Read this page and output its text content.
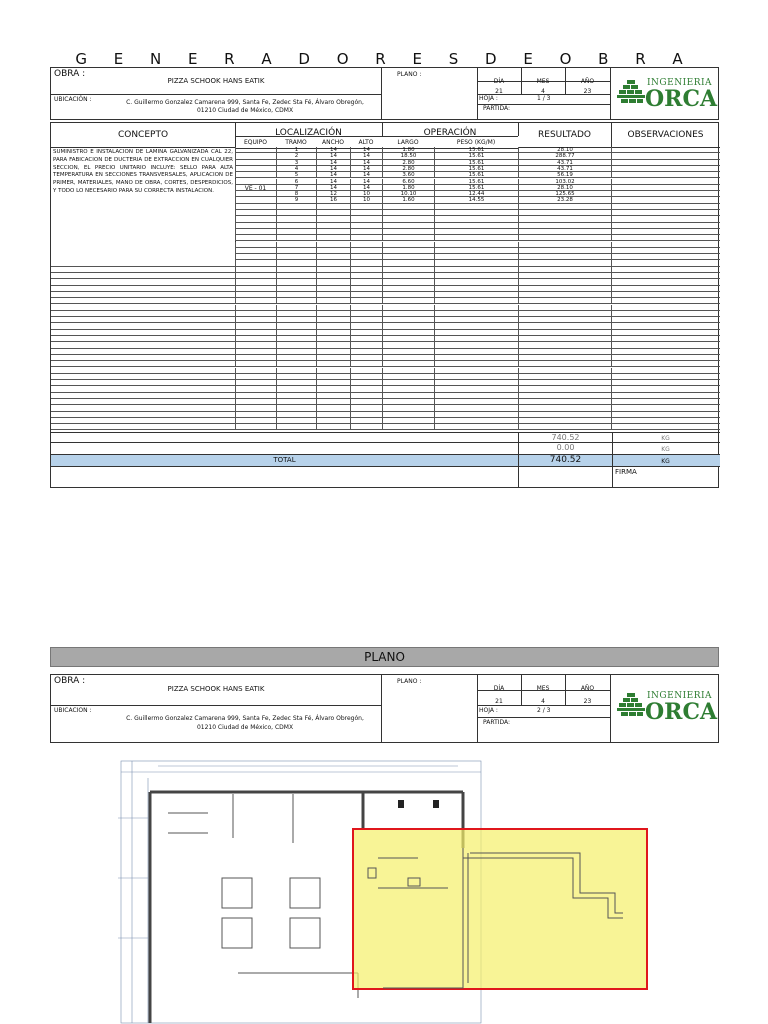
G E N E R A D O R E S D E O B R A
OBRA :
PIZZA SCHOOK HANS EATIK
UBICACIÓN :	C. Guillermo Gonzalez Camarena 999, Santa Fe, Zedec Sta Fé, Álvaro Obregón,
01210 Ciudad de México, CDMX
PLANO :
DÍA	MES	AÑO
21	4	23
HOJA :	1 / 3
PARTIDA:
INGENIERIA
ORCA
CONCEPTO	LOCALIZACIÓN	OPERACIÓN	RESULTADO	OBSERVACIONES
EQUIPO	TRAMO	ANCHO	ALTO	LARGO	PESO (KG/M)
SUMINISTRO E INSTALACION DE LAMINA GALVANIZADA CAL 22, PARA FABICACION DE DUCTERIA DE EXTRACCION EN CUALQUIER SECCION, EL PRECIO UNITARIO INCLUYE: SELLO PARA ALTA TEMPERATURA EN SECCIONES TRANSVERSALES, APLICACION DE PRIMER, MATERIALES, MANO DE OBRA, CORTES, DESPERDICIOS, Y TODO LO NECESARIO PARA SU CORRECTA INSTALACION.	VE - 01
1	14	14	1.80	15.61	28.10
2	14	14	18.50	15.61	288.77
3	14	14	2.80	15.61	43.71
4	14	14	2.80	15.61	43.71
5	14	14	3.60	15.61	56.19
6	14	14	6.60	15.61	103.02
7	14	14	1.80	15.61	28.10
8	12	10	10.10	12.44	125.65
9	16	10	1.60	14.55	23.28
740.52	KG
0.00	KG
TOTAL	740.52	KG
FIRMA
PLANO
OBRA :
PIZZA SCHOOK HANS EATIK
UBICACION :
C. Guillermo Gonzalez Camarena 999, Santa Fe, Zedec Sta Fé, Álvaro Obregón,
01210 Ciudad de México, CDMX
PLANO :
DÍA	MES	AÑO
21	4	23
HOJA :	2 / 3
PARTIDA:
INGENIERIA
ORCA
